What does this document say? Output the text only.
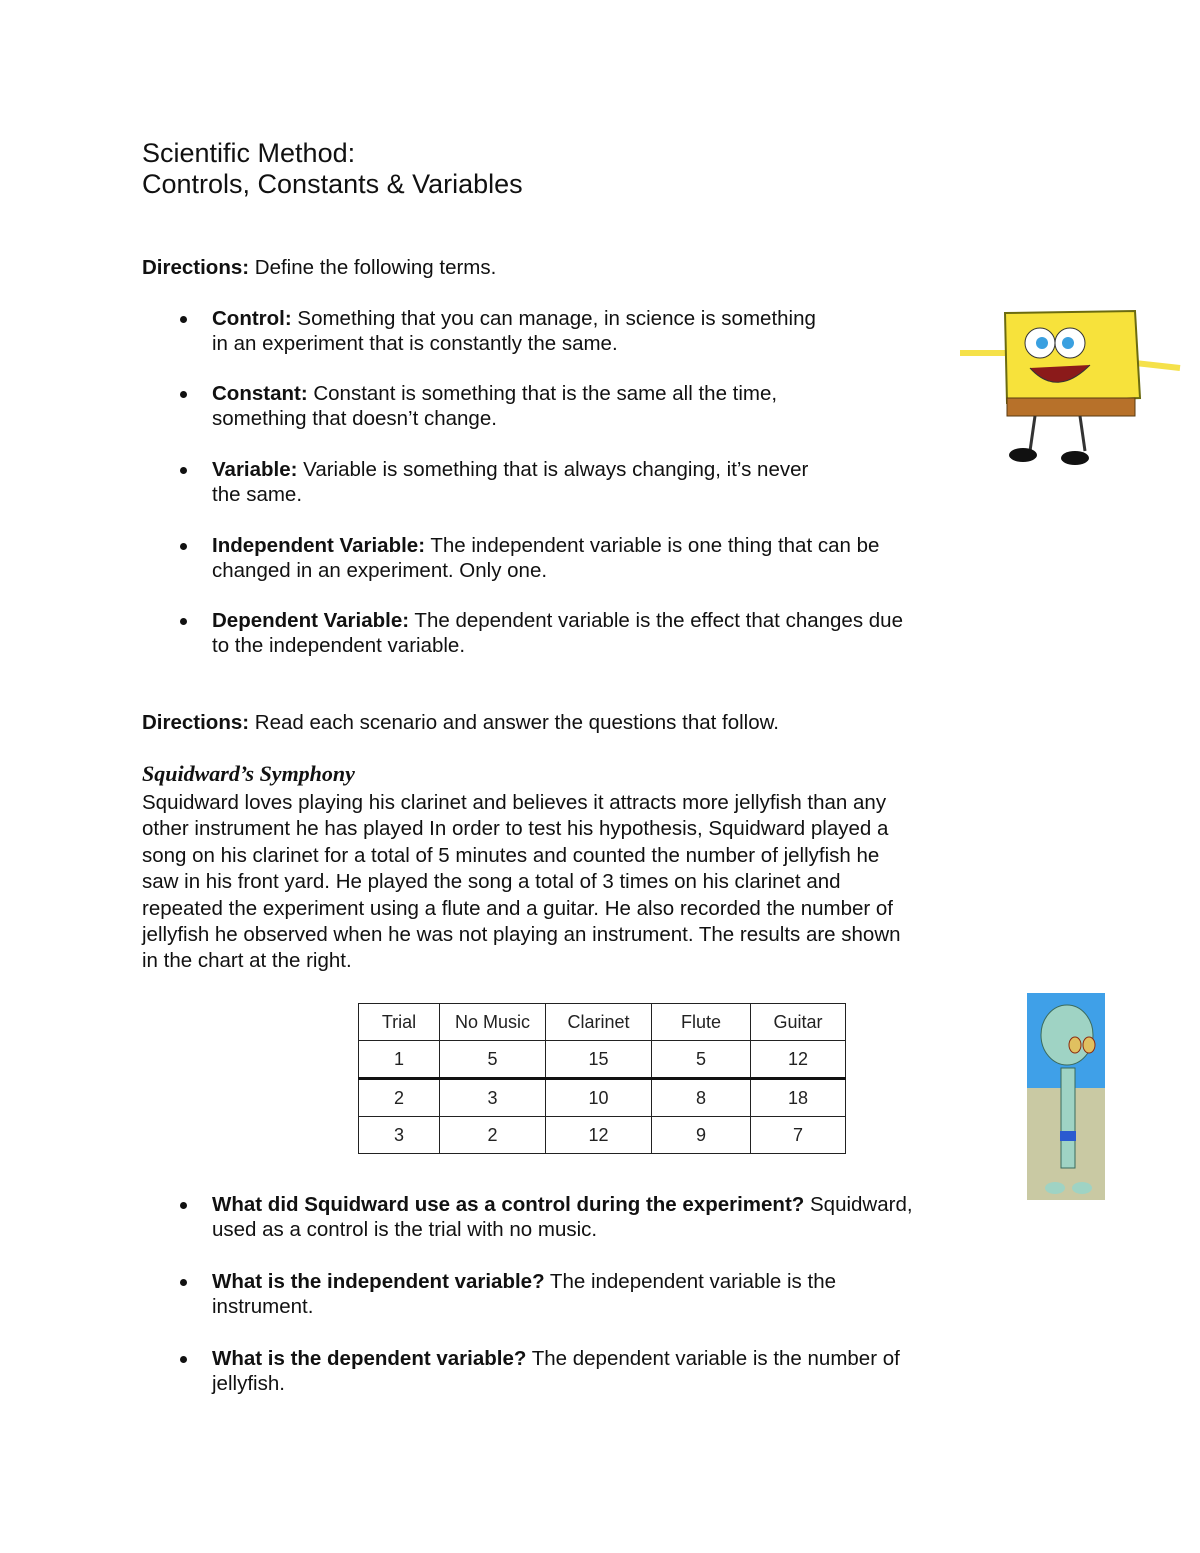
Scientific Method:
Controls, Constants & Variables
Directions: Define the following terms.
Control: Something that you can manage, in science is something
in an experiment that is constantly the same.
Constant: Constant is something that is the same all the time,
something that doesn’t change.
Variable: Variable is something that is always changing, it’s never
the same.
Independent Variable: The independent variable is one thing that can be
changed in an experiment. Only one.
Dependent Variable: The dependent variable is the effect that changes due
to the independent variable.
Directions: Read each scenario and answer the questions that follow.
Squidward’s Symphony
Squidward loves playing his clarinet and believes it attracts more jellyfish than any
other instrument he has played In order to test his hypothesis, Squidward played a
song on his clarinet for a total of 5 minutes and counted the number of jellyfish he
saw in his front yard. He played the song a total of 3 times on his clarinet and
repeated the experiment using a flute and a guitar. He also recorded the number of
jellyfish he observed when he was not playing an instrument. The results are shown
in the chart at the right.
Trial	No Music	Clarinet	Flute	Guitar
1	5	15	5	12
2	3	10	8	18
3	2	12	9	7
What did Squidward use as a control during the experiment? Squidward,
used as a control is the trial with no music.
What is the independent variable? The independent variable is the
instrument.
What is the dependent variable? The dependent variable is the number of
jellyfish.
